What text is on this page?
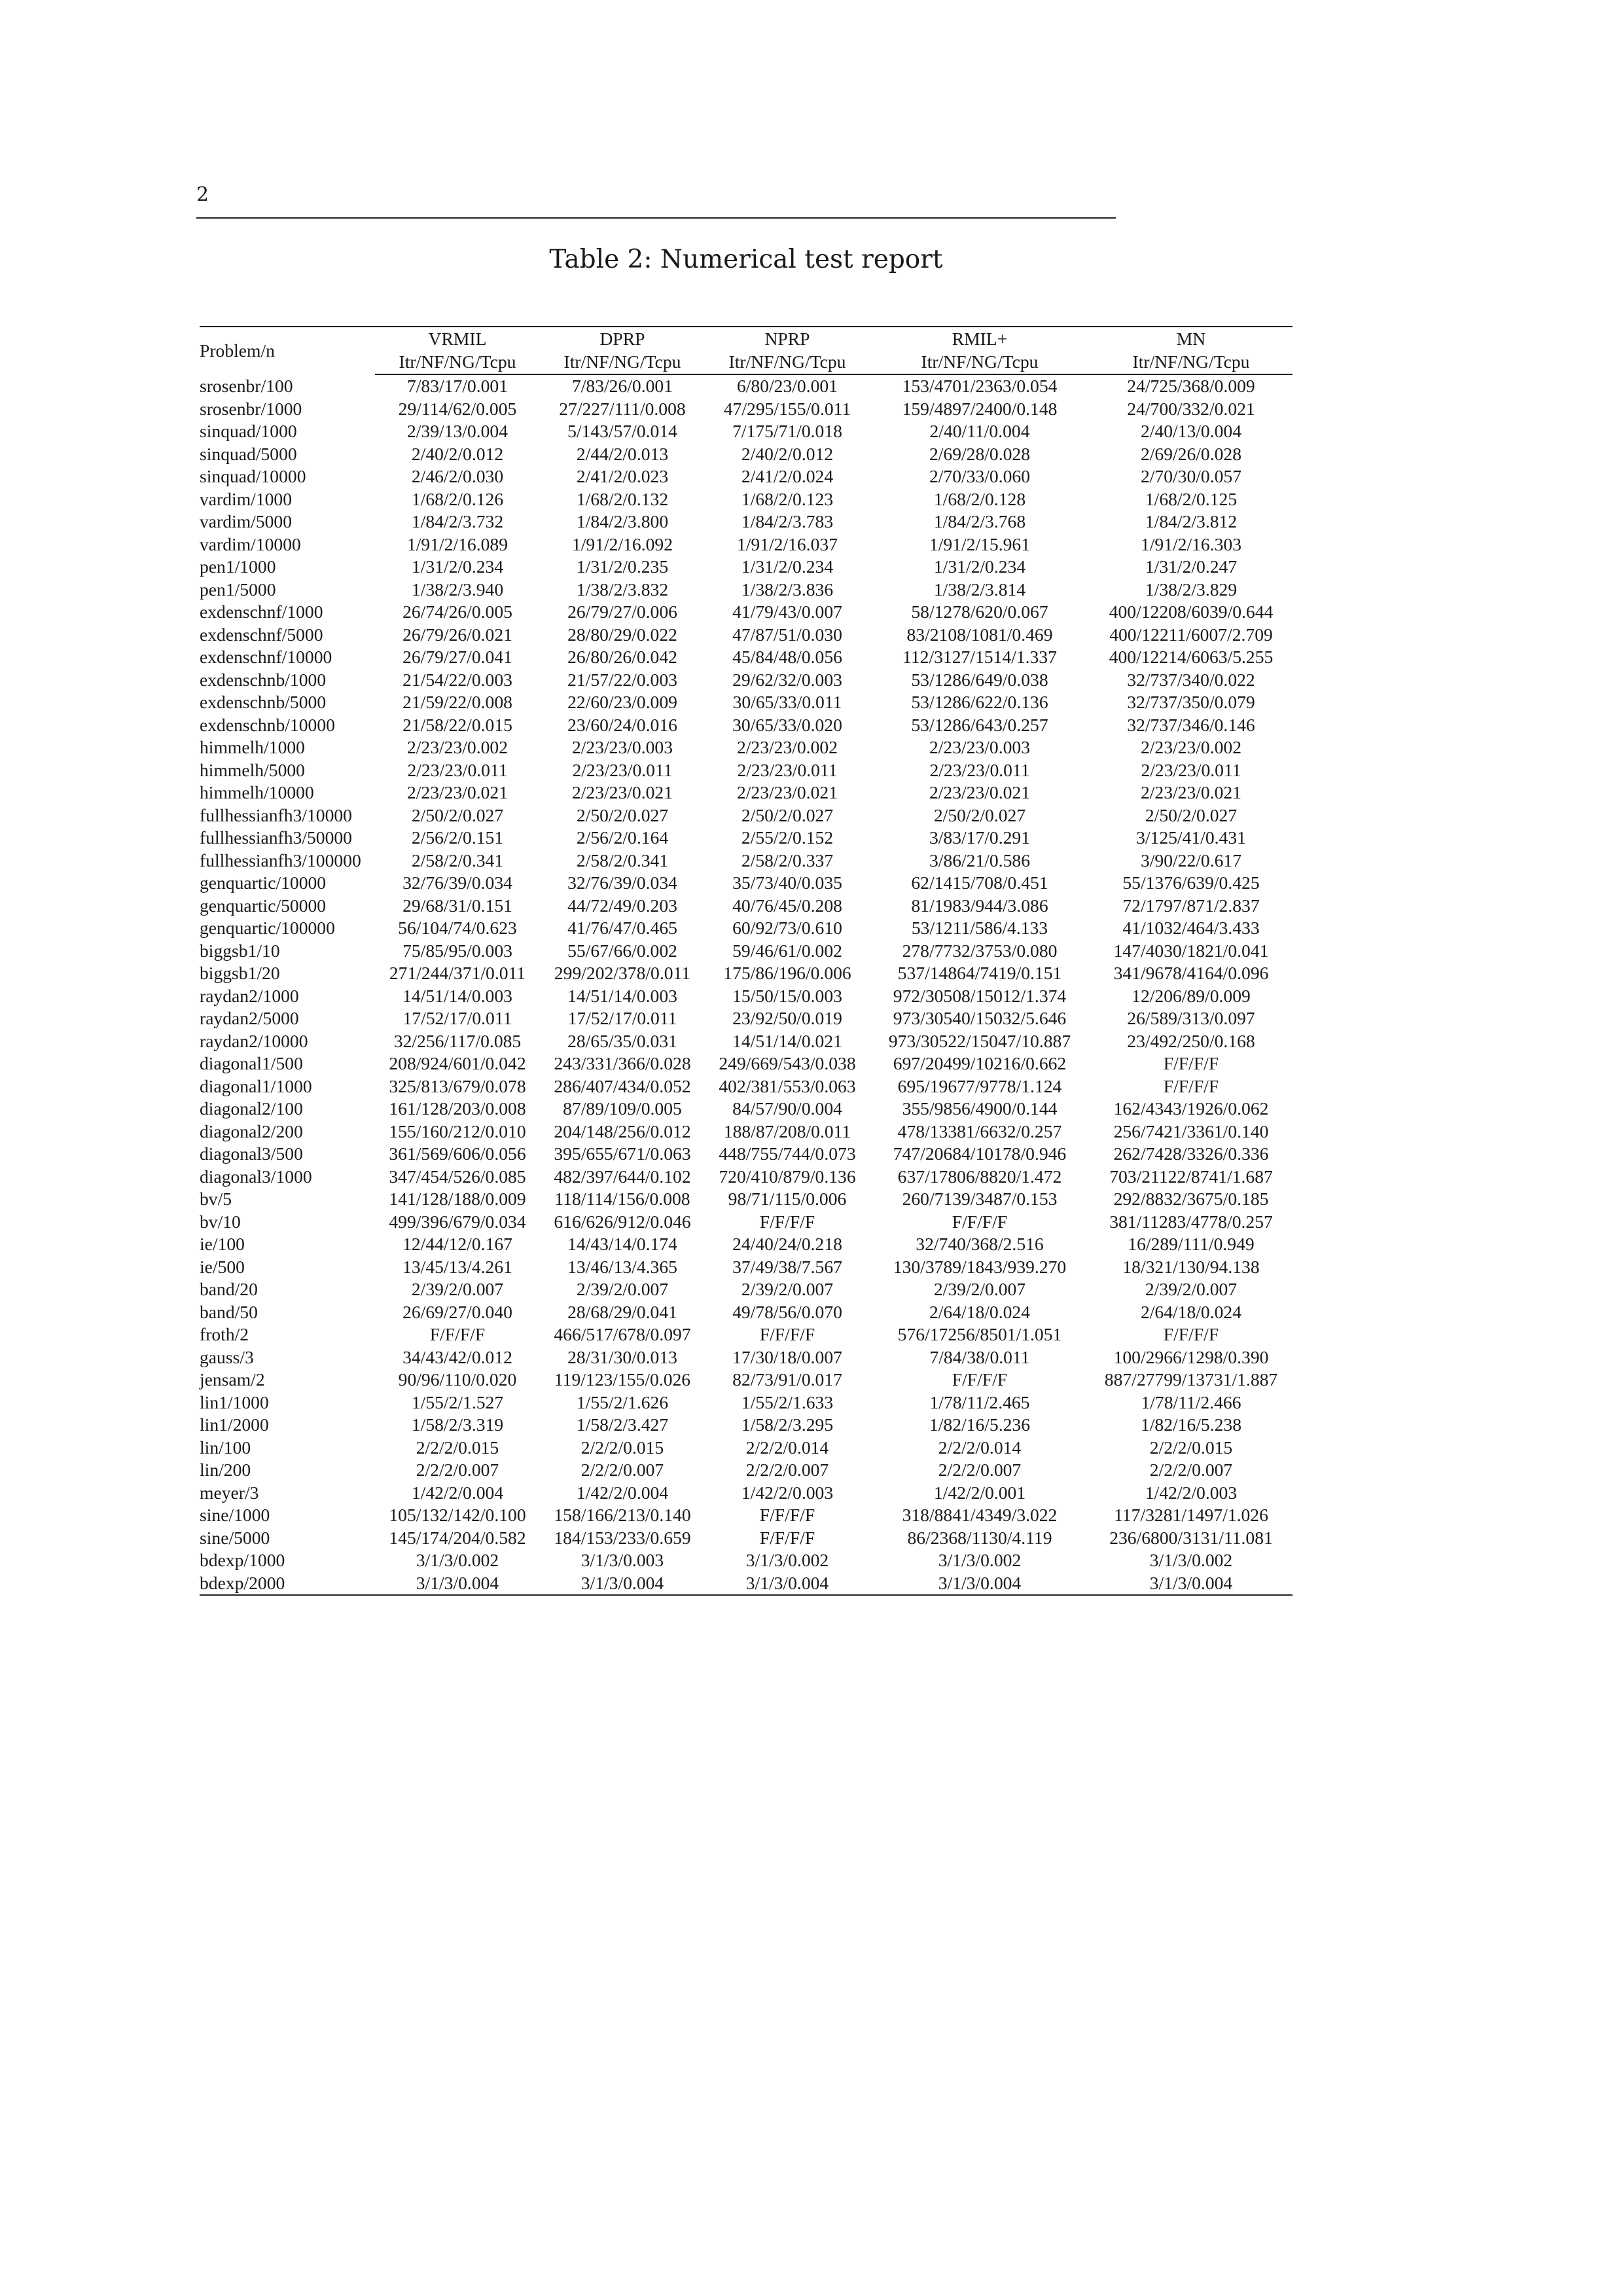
2
Table 2: Numerical test report
Problem/n	VRMIL	DPRP	NPRP	RMIL+	MN
	Itr/NF/NG/Tcpu	Itr/NF/NG/Tcpu	Itr/NF/NG/Tcpu	Itr/NF/NG/Tcpu	Itr/NF/NG/Tcpu
srosenbr/100	7/83/17/0.001	7/83/26/0.001	6/80/23/0.001	153/4701/2363/0.054	24/725/368/0.009
srosenbr/1000	29/114/62/0.005	27/227/111/0.008	47/295/155/0.011	159/4897/2400/0.148	24/700/332/0.021
sinquad/1000	2/39/13/0.004	5/143/57/0.014	7/175/71/0.018	2/40/11/0.004	2/40/13/0.004
sinquad/5000	2/40/2/0.012	2/44/2/0.013	2/40/2/0.012	2/69/28/0.028	2/69/26/0.028
sinquad/10000	2/46/2/0.030	2/41/2/0.023	2/41/2/0.024	2/70/33/0.060	2/70/30/0.057
vardim/1000	1/68/2/0.126	1/68/2/0.132	1/68/2/0.123	1/68/2/0.128	1/68/2/0.125
vardim/5000	1/84/2/3.732	1/84/2/3.800	1/84/2/3.783	1/84/2/3.768	1/84/2/3.812
vardim/10000	1/91/2/16.089	1/91/2/16.092	1/91/2/16.037	1/91/2/15.961	1/91/2/16.303
pen1/1000	1/31/2/0.234	1/31/2/0.235	1/31/2/0.234	1/31/2/0.234	1/31/2/0.247
pen1/5000	1/38/2/3.940	1/38/2/3.832	1/38/2/3.836	1/38/2/3.814	1/38/2/3.829
exdenschnf/1000	26/74/26/0.005	26/79/27/0.006	41/79/43/0.007	58/1278/620/0.067	400/12208/6039/0.644
exdenschnf/5000	26/79/26/0.021	28/80/29/0.022	47/87/51/0.030	83/2108/1081/0.469	400/12211/6007/2.709
exdenschnf/10000	26/79/27/0.041	26/80/26/0.042	45/84/48/0.056	112/3127/1514/1.337	400/12214/6063/5.255
exdenschnb/1000	21/54/22/0.003	21/57/22/0.003	29/62/32/0.003	53/1286/649/0.038	32/737/340/0.022
exdenschnb/5000	21/59/22/0.008	22/60/23/0.009	30/65/33/0.011	53/1286/622/0.136	32/737/350/0.079
exdenschnb/10000	21/58/22/0.015	23/60/24/0.016	30/65/33/0.020	53/1286/643/0.257	32/737/346/0.146
himmelh/1000	2/23/23/0.002	2/23/23/0.003	2/23/23/0.002	2/23/23/0.003	2/23/23/0.002
himmelh/5000	2/23/23/0.011	2/23/23/0.011	2/23/23/0.011	2/23/23/0.011	2/23/23/0.011
himmelh/10000	2/23/23/0.021	2/23/23/0.021	2/23/23/0.021	2/23/23/0.021	2/23/23/0.021
fullhessianfh3/10000	2/50/2/0.027	2/50/2/0.027	2/50/2/0.027	2/50/2/0.027	2/50/2/0.027
fullhessianfh3/50000	2/56/2/0.151	2/56/2/0.164	2/55/2/0.152	3/83/17/0.291	3/125/41/0.431
fullhessianfh3/100000	2/58/2/0.341	2/58/2/0.341	2/58/2/0.337	3/86/21/0.586	3/90/22/0.617
genquartic/10000	32/76/39/0.034	32/76/39/0.034	35/73/40/0.035	62/1415/708/0.451	55/1376/639/0.425
genquartic/50000	29/68/31/0.151	44/72/49/0.203	40/76/45/0.208	81/1983/944/3.086	72/1797/871/2.837
genquartic/100000	56/104/74/0.623	41/76/47/0.465	60/92/73/0.610	53/1211/586/4.133	41/1032/464/3.433
biggsb1/10	75/85/95/0.003	55/67/66/0.002	59/46/61/0.002	278/7732/3753/0.080	147/4030/1821/0.041
biggsb1/20	271/244/371/0.011	299/202/378/0.011	175/86/196/0.006	537/14864/7419/0.151	341/9678/4164/0.096
raydan2/1000	14/51/14/0.003	14/51/14/0.003	15/50/15/0.003	972/30508/15012/1.374	12/206/89/0.009
raydan2/5000	17/52/17/0.011	17/52/17/0.011	23/92/50/0.019	973/30540/15032/5.646	26/589/313/0.097
raydan2/10000	32/256/117/0.085	28/65/35/0.031	14/51/14/0.021	973/30522/15047/10.887	23/492/250/0.168
diagonal1/500	208/924/601/0.042	243/331/366/0.028	249/669/543/0.038	697/20499/10216/0.662	F/F/F/F
diagonal1/1000	325/813/679/0.078	286/407/434/0.052	402/381/553/0.063	695/19677/9778/1.124	F/F/F/F
diagonal2/100	161/128/203/0.008	87/89/109/0.005	84/57/90/0.004	355/9856/4900/0.144	162/4343/1926/0.062
diagonal2/200	155/160/212/0.010	204/148/256/0.012	188/87/208/0.011	478/13381/6632/0.257	256/7421/3361/0.140
diagonal3/500	361/569/606/0.056	395/655/671/0.063	448/755/744/0.073	747/20684/10178/0.946	262/7428/3326/0.336
diagonal3/1000	347/454/526/0.085	482/397/644/0.102	720/410/879/0.136	637/17806/8820/1.472	703/21122/8741/1.687
bv/5	141/128/188/0.009	118/114/156/0.008	98/71/115/0.006	260/7139/3487/0.153	292/8832/3675/0.185
bv/10	499/396/679/0.034	616/626/912/0.046	F/F/F/F	F/F/F/F	381/11283/4778/0.257
ie/100	12/44/12/0.167	14/43/14/0.174	24/40/24/0.218	32/740/368/2.516	16/289/111/0.949
ie/500	13/45/13/4.261	13/46/13/4.365	37/49/38/7.567	130/3789/1843/939.270	18/321/130/94.138
band/20	2/39/2/0.007	2/39/2/0.007	2/39/2/0.007	2/39/2/0.007	2/39/2/0.007
band/50	26/69/27/0.040	28/68/29/0.041	49/78/56/0.070	2/64/18/0.024	2/64/18/0.024
froth/2	F/F/F/F	466/517/678/0.097	F/F/F/F	576/17256/8501/1.051	F/F/F/F
gauss/3	34/43/42/0.012	28/31/30/0.013	17/30/18/0.007	7/84/38/0.011	100/2966/1298/0.390
jensam/2	90/96/110/0.020	119/123/155/0.026	82/73/91/0.017	F/F/F/F	887/27799/13731/1.887
lin1/1000	1/55/2/1.527	1/55/2/1.626	1/55/2/1.633	1/78/11/2.465	1/78/11/2.466
lin1/2000	1/58/2/3.319	1/58/2/3.427	1/58/2/3.295	1/82/16/5.236	1/82/16/5.238
lin/100	2/2/2/0.015	2/2/2/0.015	2/2/2/0.014	2/2/2/0.014	2/2/2/0.015
lin/200	2/2/2/0.007	2/2/2/0.007	2/2/2/0.007	2/2/2/0.007	2/2/2/0.007
meyer/3	1/42/2/0.004	1/42/2/0.004	1/42/2/0.003	1/42/2/0.001	1/42/2/0.003
sine/1000	105/132/142/0.100	158/166/213/0.140	F/F/F/F	318/8841/4349/3.022	117/3281/1497/1.026
sine/5000	145/174/204/0.582	184/153/233/0.659	F/F/F/F	86/2368/1130/4.119	236/6800/3131/11.081
bdexp/1000	3/1/3/0.002	3/1/3/0.003	3/1/3/0.002	3/1/3/0.002	3/1/3/0.002
bdexp/2000	3/1/3/0.004	3/1/3/0.004	3/1/3/0.004	3/1/3/0.004	3/1/3/0.004
